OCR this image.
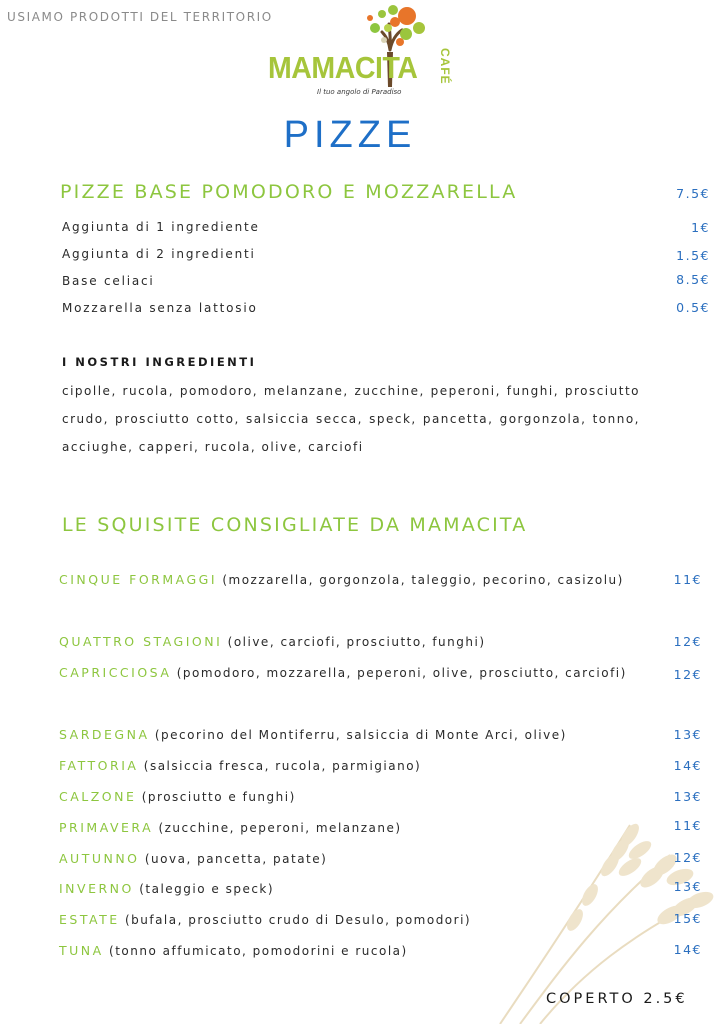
USIAMO PRODOTTI DEL TERRITORIO
MAMACITA CAFÉ
Il tuo angolo di Paradiso
PIZZE
PIZZE BASE POMODORO E MOZZARELLA	7.5€
Aggiunta di 1 ingrediente	1€
Aggiunta di 2 ingredienti	1.5€
Base celiaci	8.5€
Mozzarella senza lattosio	0.5€
I NOSTRI INGREDIENTI
cipolle, rucola, pomodoro, melanzane, zucchine, peperoni, funghi, prosciutto crudo, prosciutto cotto, salsiccia secca, speck, pancetta, gorgonzola, tonno, acciughe, capperi, rucola, olive, carciofi
LE SQUISITE CONSIGLIATE DA MAMACITA
CINQUE FORMAGGI (mozzarella, gorgonzola, taleggio, pecorino, casizolu)	11€
QUATTRO STAGIONI (olive, carciofi, prosciutto, funghi)	12€
CAPRICCIOSA (pomodoro, mozzarella, peperoni, olive, prosciutto, carciofi)	12€
SARDEGNA (pecorino del Montiferru, salsiccia di Monte Arci, olive)	13€
FATTORIA (salsiccia fresca, rucola, parmigiano)	14€
CALZONE (prosciutto e funghi)	13€
PRIMAVERA (zucchine, peperoni, melanzane)	11€
AUTUNNO (uova, pancetta, patate)	12€
INVERNO (taleggio e speck)	13€
ESTATE (bufala, prosciutto crudo di Desulo, pomodori)	15€
TUNA (tonno affumicato, pomodorini e rucola)	14€
COPERTO 2.5€
